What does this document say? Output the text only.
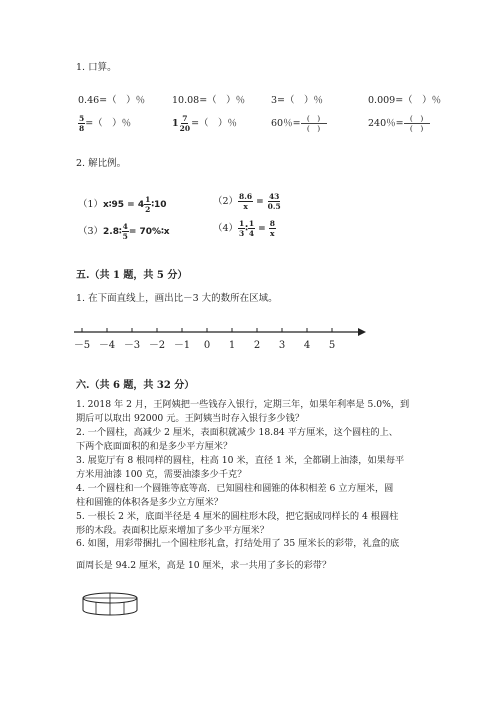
1. 口算。
0.46=（　）％	10.08=（　）％	3=（　）％	0.009=（　）％
$\frac{5}{8}$ =（　）％	$1 \frac{7}{20}$ =（　）％	60％= $\frac{( )}{( )}$	240％= $\frac{( )}{( )}$
2. 解比例。
（1）x∶95 = $4 \frac{1}{2}$ ∶10	$(2) \frac{8.6}{x} = \frac{43}{0.5}$
（3）2.8∶ $\frac{4}{5}$ = 70%∶x	$(4) \frac{1}{3}$ ∶ $\frac{1}{4} = \frac{8}{x}$
五.（共 1 题，共 5 分）
1. 在下面直线上，画出比－3 大的数所在区域。
－5 －4 －3 －2 －1 0 1 2 3 4 5
六.（共 6 题，共 32 分）
1. 2018 年 2 月，王阿姨把一些钱存入银行，定期三年，如果年利率是 5.0%，到
期后可以取出 92000 元。王阿姨当时存入银行多少钱？
2. 一个圆柱，高减少 2 厘米，表面积就减少 18.84 平方厘米，这个圆柱的上、
下两个底面面积的和是多少平方厘米？
3. 展览厅有 8 根同样的圆柱，柱高 10 米，直径 1 米，全都刷上油漆，如果每平
方米用油漆 100 克，需要油漆多少千克？
4. 一个圆柱和一个圆锥等底等高．已知圆柱和圆锥的体积相差 6 立方厘米，圆
柱和圆锥的体积各是多少立方厘米？
5. 一根长 2 米，底面半径是 4 厘米的圆柱形木段，把它据成同样长的 4 根圆柱
形的木段。表面积比原来增加了多少平方厘米？
6. 如图，用彩带捆扎一个圆柱形礼盒，打结处用了 35 厘米长的彩带，礼盒的底
面周长是 94.2 厘米，高是 10 厘米，求一共用了多长的彩带？
